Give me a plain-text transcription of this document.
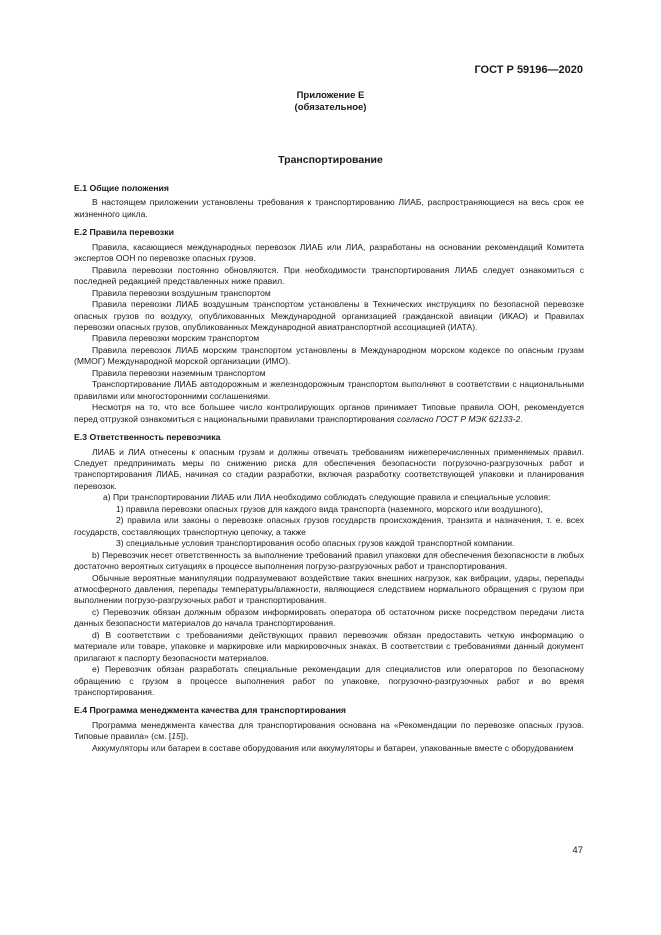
ГОСТ Р 59196—2020
Приложение Е
(обязательное)
Транспортирование

Е.1 Общие положения

В настоящем приложении установлены требования к транспортированию ЛИАБ, распространяющиеся на весь срок ее жизненного цикла.

Е.2 Правила перевозки

Правила, касающиеся международных перевозок ЛИАБ или ЛИА, разработаны на основании рекомендаций Комитета экспертов ООН по перевозке опасных грузов.

Правила перевозки постоянно обновляются. При необходимости транспортирования ЛИАБ следует ознакомиться с последней редакцией представленных ниже правил.

Правила перевозки воздушным транспортом

Правила перевозки ЛИАБ воздушным транспортом установлены в Технических инструкциях по безопасной перевозке опасных грузов по воздуху, опубликованных Международной организацией гражданской авиации (ИКАО) и Правилах перевозки опасных грузов, опубликованных Международной авиатранспортной ассоциацией (ИАТА).

Правила перевозки морским транспортом

Правила перевозок ЛИАБ морским транспортом установлены в Международном морском кодексе по опасным грузам (ММОГ) Международной морской организации (ИМО).

Правила перевозки наземным транспортом

Транспортирование ЛИАБ автодорожным и железнодорожным транспортом выполняют в соответствии с национальными правилами или многосторонними соглашениями.

Несмотря на то, что все большее число контролирующих органов принимает Типовые правила ООН, рекомендуется перед отгрузкой ознакомиться с национальными правилами транспортирования согласно ГОСТ Р МЭК 62133-2.

Е.3 Ответственность перевозчика

ЛИАБ и ЛИА отнесены к опасным грузам и должны отвечать требованиям нижеперечисленных применяемых правил. Следует предпринимать меры по снижению риска для обеспечения безопасности погрузочно-разгрузочных работ и транспортирования ЛИАБ, начиная со стадии разработки, включая разработку соответствующей упаковки и планирования перевозок.

а) При транспортировании ЛИАБ или ЛИА необходимо соблюдать следующие правила и специальные условия:

1) правила перевозки опасных грузов для каждого вида транспорта (наземного, морского или воздушного),

2) правила или законы о перевозке опасных грузов государств происхождения, транзита и назначения, т. е. всех государств, составляющих транспортную цепочку, а также

3) специальные условия транспортирования особо опасных грузов каждой транспортной компании.

b) Перевозчик несет ответственность за выполнение требований правил упаковки для обеспечения безопасности в любых достаточно вероятных ситуациях в процессе выполнения погрузо-разгрузочных работ и транспортирования.

Обычные вероятные манипуляции подразумевают воздействие таких внешних нагрузок, как вибрации, удары, перепады атмосферного давления, перепады температуры/влажности, являющиеся следствием нормального обращения с грузом при выполнении погрузо-разгрузочных работ и транспортирования.

c) Перевозчик обязан должным образом информировать оператора об остаточном риске посредством передачи листа данных безопасности материалов до начала транспортирования.

d) В соответствии с требованиями действующих правил перевозчик обязан предоставить четкую информацию о материале или товаре, упаковке и маркировке или маркировочных знаках. В соответствии с требованиями данный документ прилагают к паспорту безопасности материалов.

е) Перевозчик обязан разработать специальные рекомендации для специалистов или операторов по безопасному обращению с грузом в процессе выполнения работ по упаковке, погрузочно-разгрузочных работ и во время транспортирования.

Е.4 Программа менеджмента качества для транспортирования

Программа менеджмента качества для транспортирования основана на «Рекомендации по перевозке опасных грузов. Типовые правила» (см. [15]).

Аккумуляторы или батареи в составе оборудования или аккумуляторы и батареи, упакованные вместе с оборудованием

47
